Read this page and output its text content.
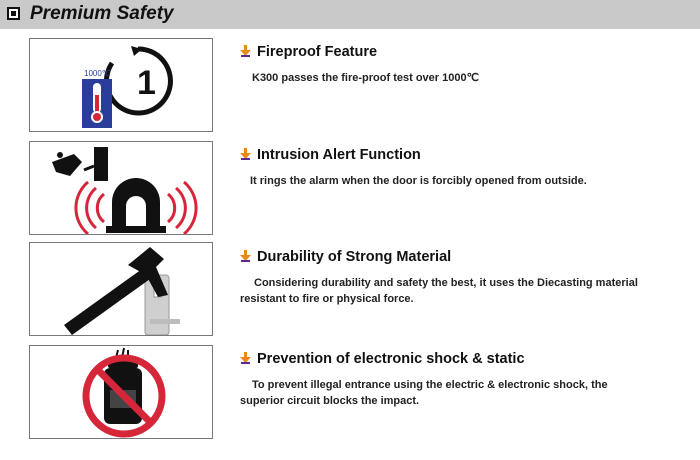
Premium Safety
1
1000℃
Fireproof Feature
K300 passes the fire-proof test over 1000℃
Intrusion Alert Function
It rings the alarm when the door is forcibly opened from outside.
Durability of Strong Material
Considering durability and safety the best, it uses the Diecasting material resistant to fire or physical force.
Prevention of electronic shock & static
To prevent illegal entrance using the electric & electronic shock, the superior circuit blocks the impact.
